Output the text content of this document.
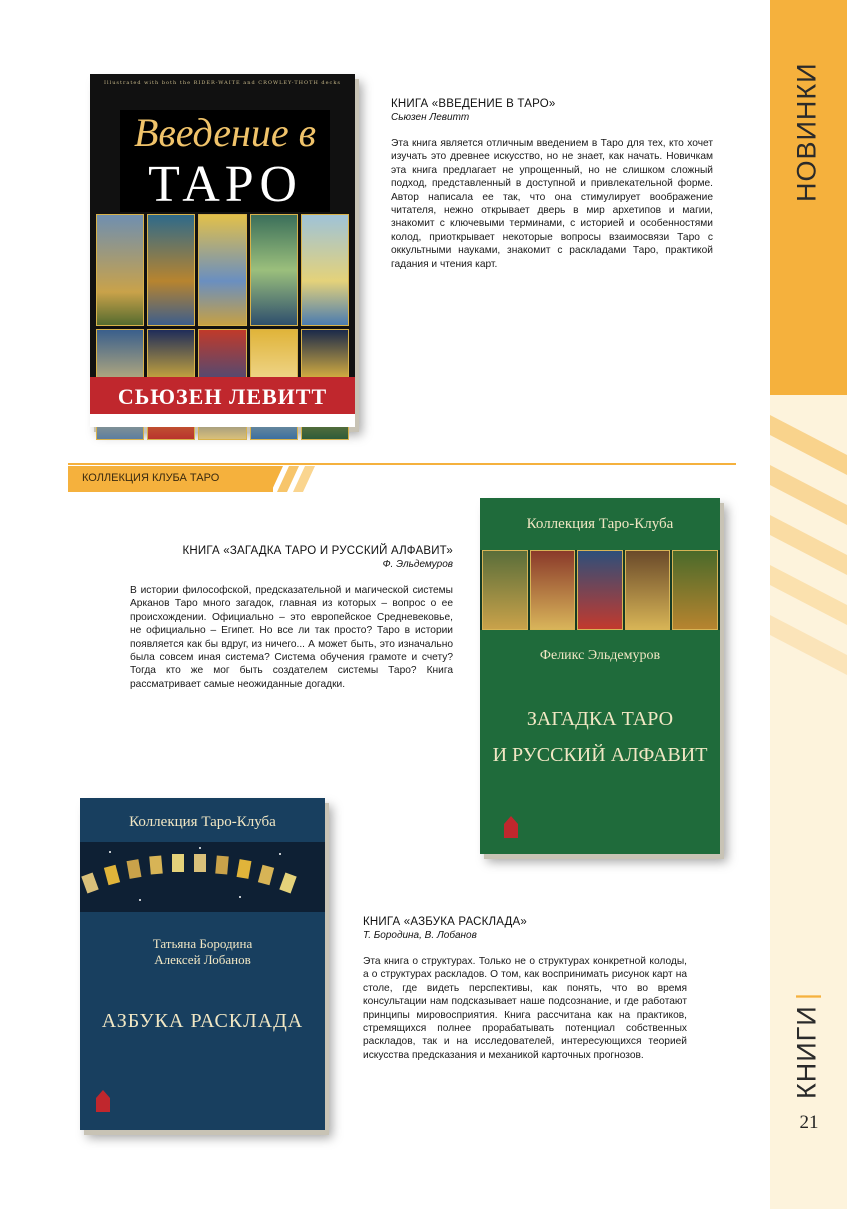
НОВИНКИ
КНИГИ
|
21
Illustrated with both the RIDER-WAITE and CROWLEY-THOTH decks
Введение в
ТАРО
СЬЮЗЕН ЛЕВИТТ
КНИГА «ВВЕДЕНИЕ В ТАРО»
Сьюзен Левитт
Эта книга является отличным введением в Таро для тех, кто хочет изучать это древнее искусство, но не знает, как начать. Новичкам эта книга предлагает не упрощенный, но не слишком сложный подход, представленный в доступной и привлекательной форме. Автор написала ее так, что она стимулирует воображение читателя, нежно открывает дверь в мир архетипов и магии, знакомит с ключевыми терминами, с историей и особенностями колод, приоткрывает некоторые вопросы взаимосвязи Таро с оккультными науками, знакомит с раскладами Таро, практикой гадания и чтения карт.
КОЛЛЕКЦИЯ КЛУБА ТАРО
Коллекция Таро-Клуба
Феликс Эльдемуров
ЗАГАДКА ТАРО
И РУССКИЙ АЛФАВИТ
КНИГА «ЗАГАДКА ТАРО И РУССКИЙ АЛФАВИТ»
Ф. Эльдемуров
В истории философской, предсказательной и магической системы Арканов Таро много загадок, главная из которых – вопрос о ее происхождении. Официально – это европейское Средневековье, не официально – Египет. Но все ли так просто? Таро в истории появляется как бы вдруг, из ничего... А может быть, это изначально была совсем иная система? Система обучения грамоте и счету? Тогда кто же мог быть создателем системы Таро? Книга рассматривает самые неожиданные догадки.
Коллекция Таро-Клуба
Татьяна Бородина
Алексей Лобанов
АЗБУКА РАСКЛАДА
КНИГА «АЗБУКА РАСКЛАДА»
Т. Бородина, В. Лобанов
Эта книга о структурах. Только не о структурах конкретной колоды, а о структурах раскладов. О том, как воспринимать рисунок карт на столе, где видеть перспективы, как понять, что во время консультации нам подсказывает наше подсознание, и где работают принципы мировосприятия. Книга рассчитана как на практиков, стремящихся полнее прорабатывать потенциал собственных раскладов, так и на исследователей, интересующихся теорией искусства предсказания и механикой карточных прогнозов.
